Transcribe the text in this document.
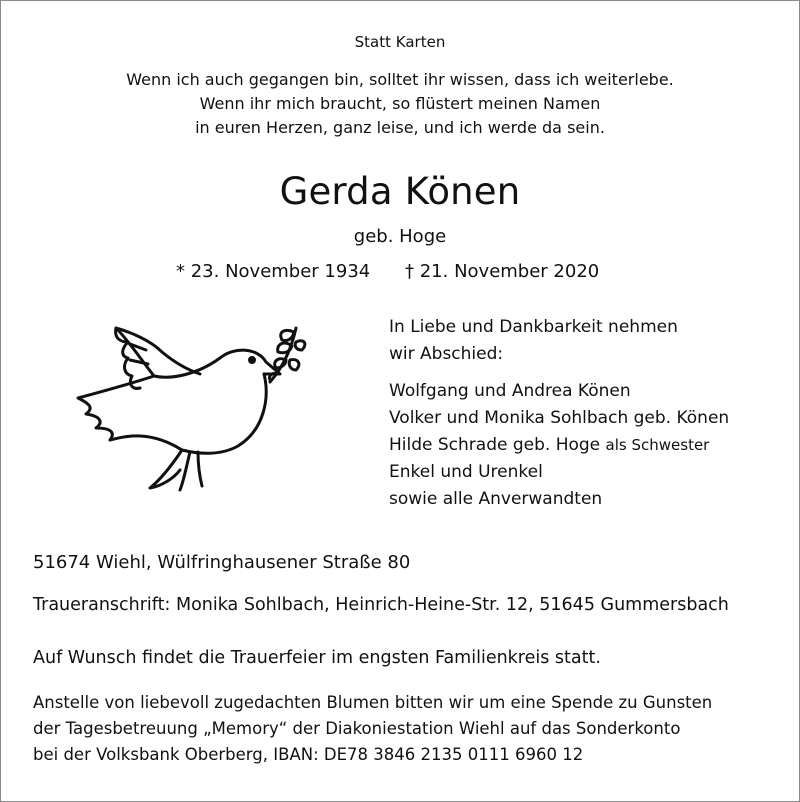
Statt Karten
Wenn ich auch gegangen bin, solltet ihr wissen, dass ich weiterlebe.
Wenn ihr mich braucht, so flüstert meinen Namen
in euren Herzen, ganz leise, und ich werde da sein.
Gerda Könen
geb. Hoge
* 23. November 1934 † 21. November 2020
In Liebe und Dankbarkeit nehmen
wir Abschied:
Wolfgang und Andrea Könen
Volker und Monika Sohlbach geb. Könen
Hilde Schrade geb. Hoge als Schwester
Enkel und Urenkel
sowie alle Anverwandten
51674 Wiehl, Wülfringhausener Straße 80
Traueranschrift: Monika Sohlbach, Heinrich-Heine-Str. 12, 51645 Gummersbach
Auf Wunsch findet die Trauerfeier im engsten Familienkreis statt.
Anstelle von liebevoll zugedachten Blumen bitten wir um eine Spende zu Gunsten
der Tagesbetreuung „Memory“ der Diakoniestation Wiehl auf das Sonderkonto
bei der Volksbank Oberberg, IBAN: DE78 3846 2135 0111 6960 12
